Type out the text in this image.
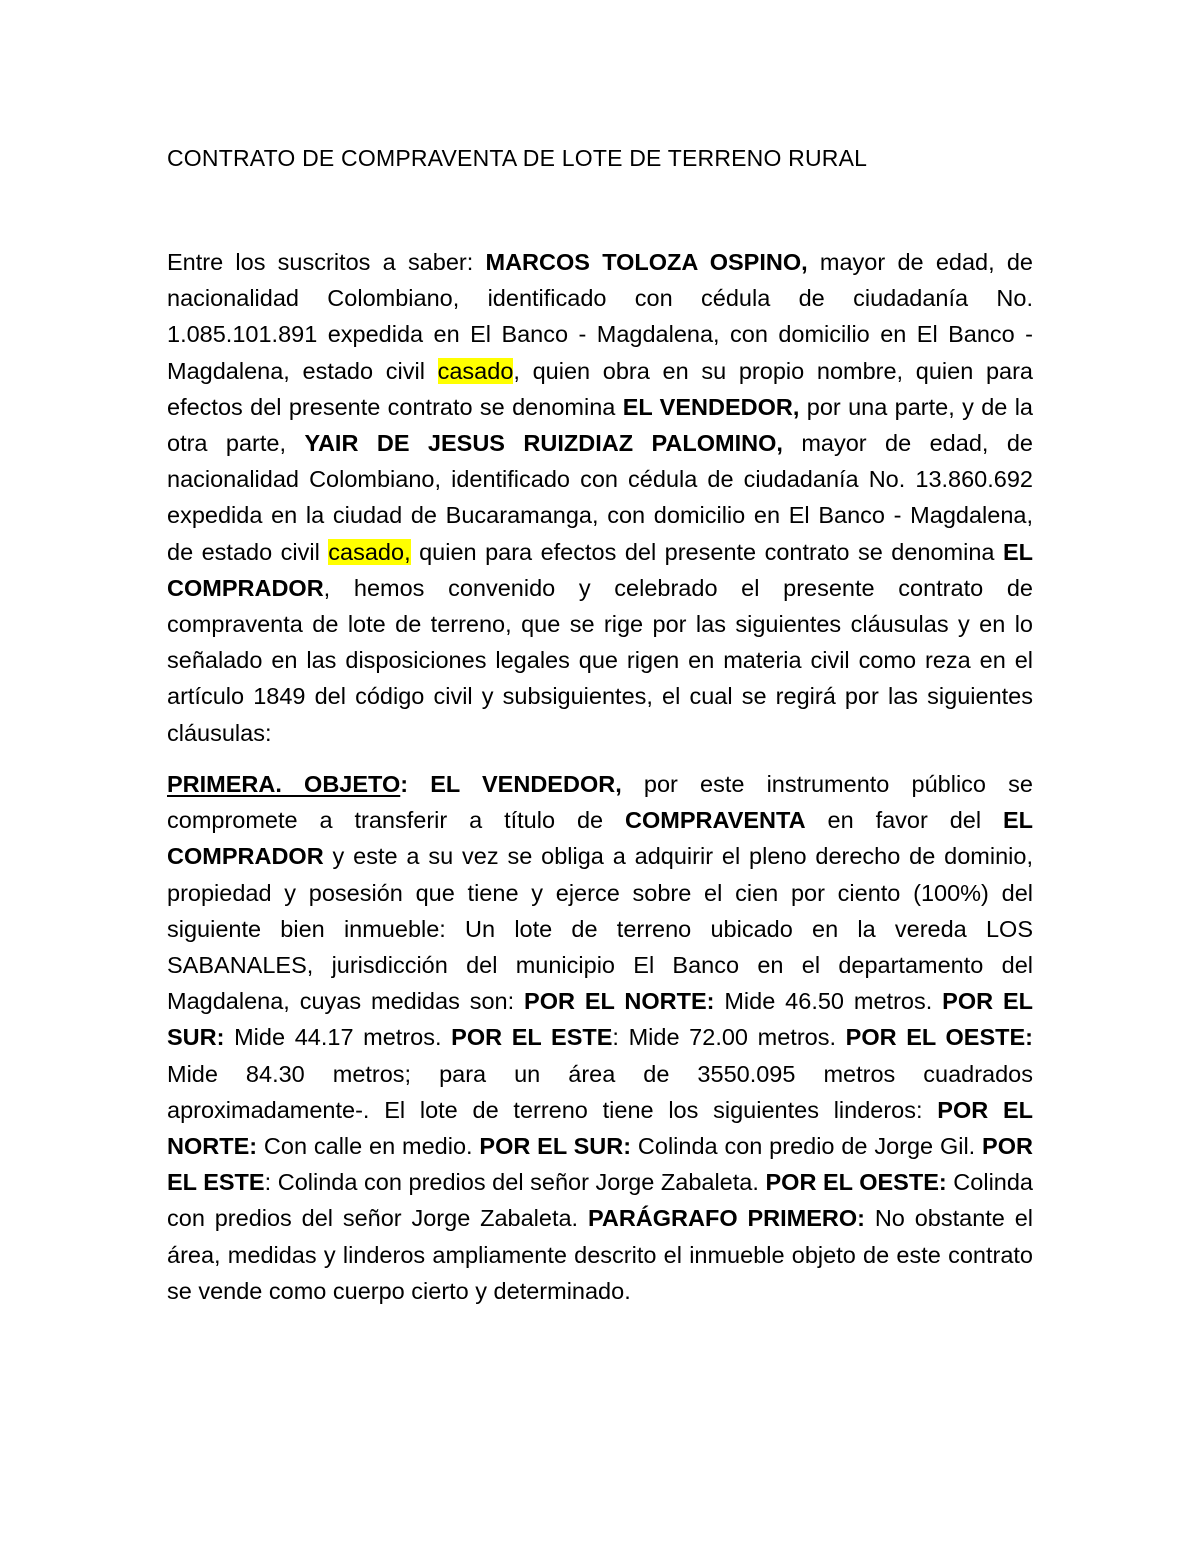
CONTRATO DE COMPRAVENTA DE LOTE DE TERRENO RURAL

Entre los suscritos a saber: MARCOS TOLOZA OSPINO, mayor de edad, de nacionalidad Colombiano, identificado con cédula de ciudadanía No. 1.085.101.891 expedida en El Banco - Magdalena, con domicilio en El Banco - Magdalena, estado civil casado, quien obra en su propio nombre, quien para efectos del presente contrato se denomina EL VENDEDOR, por una parte, y de la otra parte, YAIR DE JESUS RUIZDIAZ PALOMINO, mayor de edad, de nacionalidad Colombiano, identificado con cédula de ciudadanía No. 13.860.692 expedida en la ciudad de Bucaramanga, con domicilio en El Banco - Magdalena, de estado civil casado, quien para efectos del presente contrato se denomina EL COMPRADOR, hemos convenido y celebrado el presente contrato de compraventa de lote de terreno, que se rige por las siguientes cláusulas y en lo señalado en las disposiciones legales que rigen en materia civil como reza en el artículo 1849 del código civil y subsiguientes, el cual se regirá por las siguientes cláusulas:

PRIMERA. OBJETO: EL VENDEDOR, por este instrumento público se compromete a transferir a título de COMPRAVENTA en favor del EL COMPRADOR y este a su vez se obliga a adquirir el pleno derecho de dominio, propiedad y posesión que tiene y ejerce sobre el cien por ciento (100%) del siguiente bien inmueble: Un lote de terreno ubicado en la vereda LOS SABANALES, jurisdicción del municipio El Banco en el departamento del Magdalena, cuyas medidas son: POR EL NORTE: Mide 46.50 metros. POR EL SUR: Mide 44.17 metros. POR EL ESTE: Mide 72.00 metros. POR EL OESTE: Mide 84.30 metros; para un área de 3550.095 metros cuadrados aproximadamente-. El lote de terreno tiene los siguientes linderos: POR EL NORTE: Con calle en medio. POR EL SUR: Colinda con predio de Jorge Gil. POR EL ESTE: Colinda con predios del señor Jorge Zabaleta. POR EL OESTE: Colinda con predios del señor Jorge Zabaleta. PARÁGRAFO PRIMERO: No obstante el área, medidas y linderos ampliamente descrito el inmueble objeto de este contrato se vende como cuerpo cierto y determinado.
